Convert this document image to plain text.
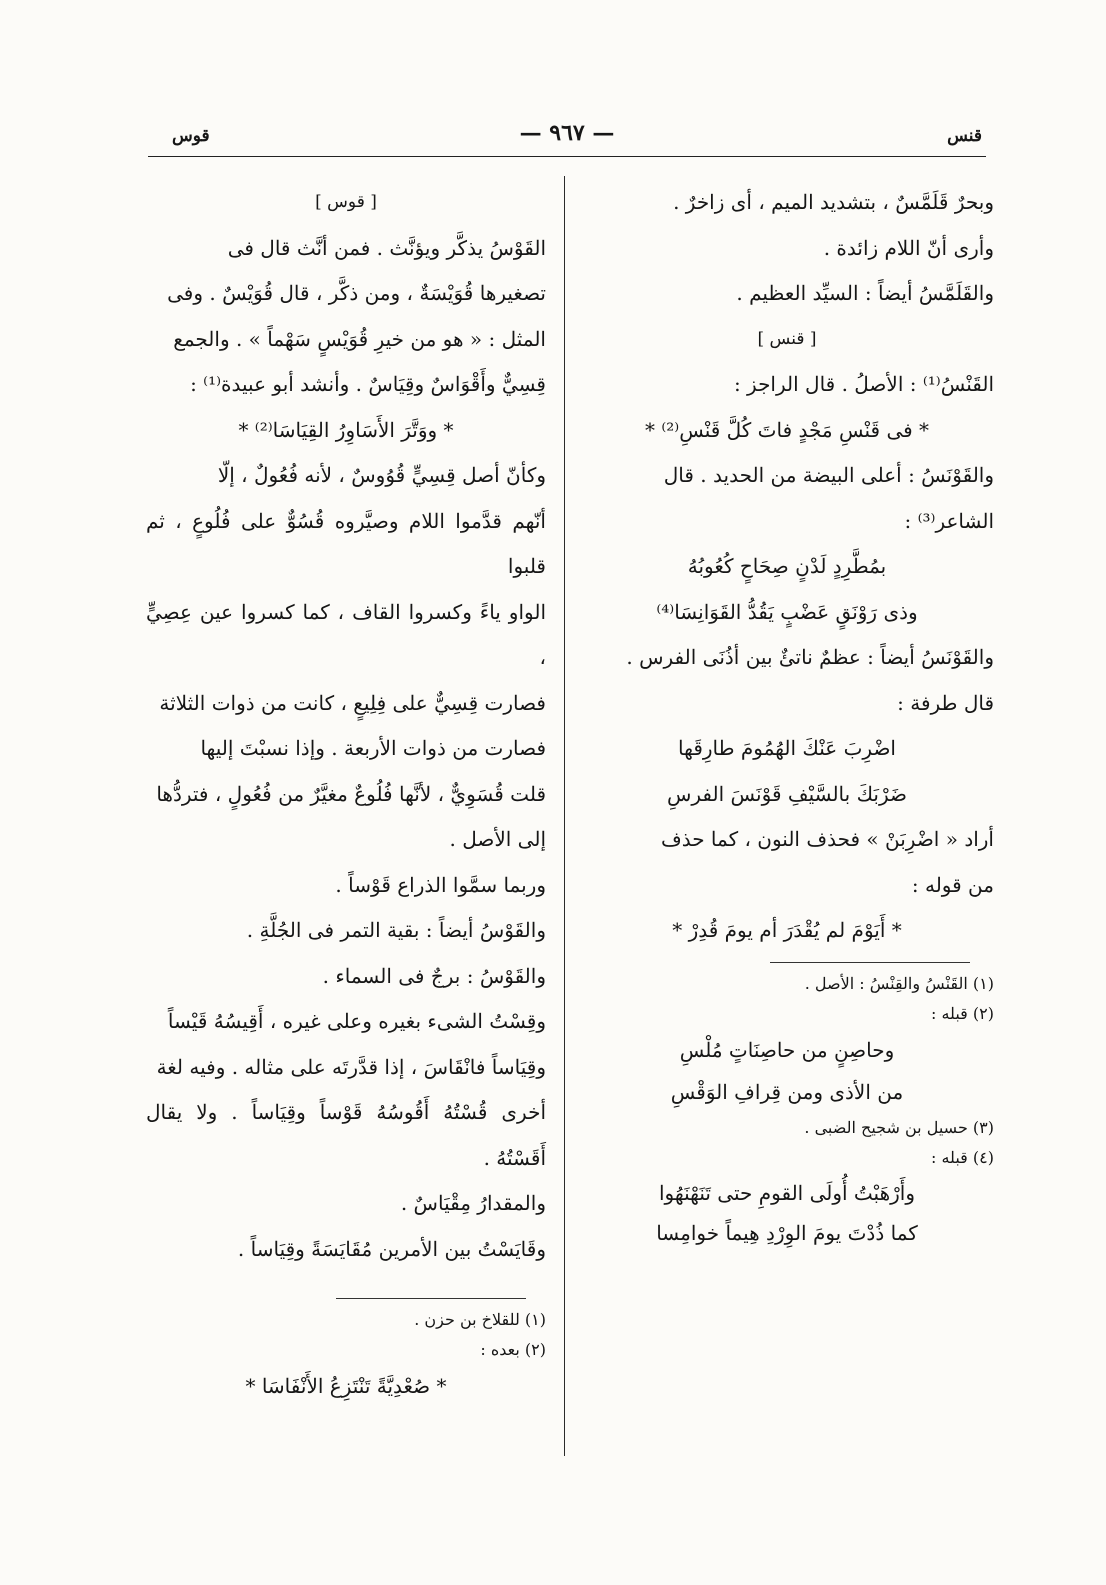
قنس
— ٩٦٧ —
قوس

وبحرٌ قَلَمَّسٌ ، بتشديد الميم ، أى زاخرٌ .

وأرى أنّ اللام زائدة .

والقَلَمَّسُ أيضاً : السيِّد العظيم .

[ قنس ]

القَنْسُ⁽¹⁾ : الأصلُ . قال الراجز :

* فى قَنْسِ مَجْدٍ فاتَ كُلَّ قَنْسِ⁽²⁾ *

والقَوْنَسُ : أعلى البيضة من الحديد . قال

الشاعر⁽³⁾ :

بمُطَّرِدٍ لَدْنٍ صِحَاحٍ كُعُوبُهُ

وذى رَوْنَقٍ عَضْبٍ يَقُدُّ القَوَانِسَا⁽⁴⁾

والقَوْنَسُ أيضاً : عظمٌ ناتئٌ بين أذُنَى الفرس .

قال طرفة :

اضْرِبَ عَنْكَ الهُمُومَ طارِقَها

ضَرْبَكَ بالسَّيْفِ قَوْنَسَ الفرسِ

أراد « اضْرِبَنْ » فحذف النون ، كما حذف

من قوله :

* أَيَوْمَ لم يُقْدَرَ أم يومَ قُدِرْ *

(١) القَنْسُ والقِنْسُ : الأصل .

(٢) قبله :

وحاصِنٍ من حاصِنَاتٍ مُلْسِ

من الأذى ومن قِرافِ الوَقْسِ

(٣) حسيل بن شجيح الضبى .

(٤) قبله :

وأَرْهَبْتُ أُولَى القومِ حتى تَنَهْنَهُوا

كما ذُدْتَ يومَ الوِرْدِ هِيماً خوامِسا

[ قوس ]

القَوْسُ يذكَّر ويؤنَّث . فمن أنَّث قال فى

تصغيرها قُوَيْسَةٌ ، ومن ذكَّر ، قال قُوَيْسٌ . وفى

المثل : « هو من خيرِ قُوَيْسٍ سَهْماً » . والجمع

قِسِيٌّ وأَقْوَاسٌ وقِيَاسٌ . وأنشد أبو عبيدة⁽¹⁾ :

* ووَتَّرَ الأَسَاوِرُ القِيَاسَا⁽²⁾ *

وكأنّ أصل قِسِيٍّ قُوُوسٌ ، لأنه فُعُولٌ ، إلّا

أنّهم قدَّموا اللام وصيَّروه قُسُوٌّ على فُلُوعٍ ، ثم قلبوا

الواو ياءً وكسروا القاف ، كما كسروا عين عِصِيٍّ ،

فصارت قِسِيٌّ على فِلِيعٍ ، كانت من ذوات الثلاثة

فصارت من ذوات الأربعة . وإذا نسبْتَ إليها

قلت قُسَوِيٌّ ، لأنَّها فُلُوعٌ مغيَّرٌ من فُعُولٍ ، فتردُّها

إلى الأصل .

وربما سمَّوا الذراع قَوْساً .

والقَوْسُ أيضاً : بقية التمر فى الجُلَّةِ .

والقَوْسُ : برجٌ فى السماء .

وقِسْتُ الشىء بغيره وعلى غيره ، أَقِيسُهُ قَيْساً

وقِيَاساً فانْقَاسَ ، إذا قدَّرتَه على مثاله . وفيه لغة

أخرى قُسْتُهُ أَقُوسُهُ قَوْساً وقِيَاساً . ولا يقال أَقَسْتُهُ .

والمقدارُ مِقْيَاسٌ .

وقَايَسْتُ بين الأمرين مُقَايَسَةً وقِيَاساً .

(١) للقلاخ بن حزن .

(٢) بعده :

* صُعْدِيَّةً تَنْتَزِعُ الأَنْفَاسَا *
